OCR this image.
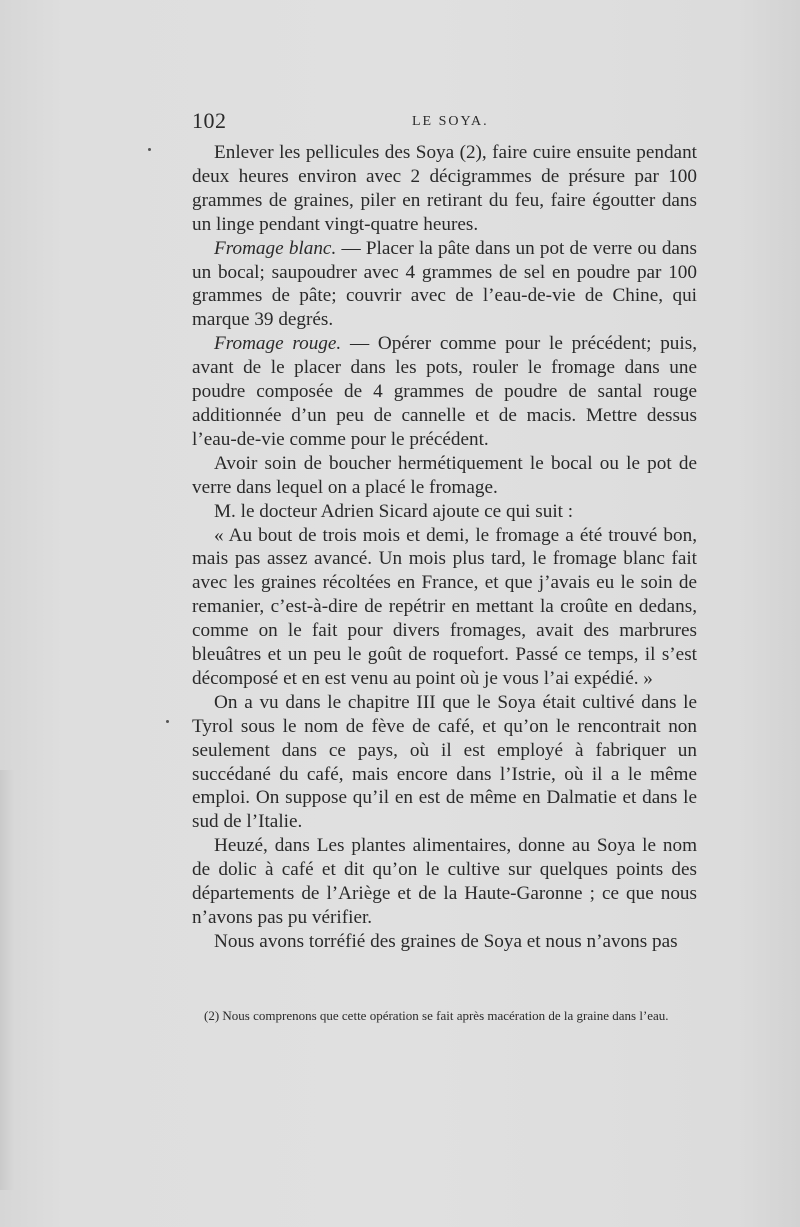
102	LE SOYA.

Enlever les pellicules des Soya (2), faire cuire ensuite pendant deux heures environ avec 2 décigrammes de présure par 100 grammes de graines, piler en retirant du feu, faire égoutter dans un linge pendant vingt-quatre heures.

Fromage blanc. — Placer la pâte dans un pot de verre ou dans un bocal; saupoudrer avec 4 grammes de sel en poudre par 100 grammes de pâte; couvrir avec de l’eau-de-vie de Chine, qui marque 39 degrés.

Fromage rouge. — Opérer comme pour le précédent; puis, avant de le placer dans les pots, rouler le fromage dans une poudre composée de 4 grammes de poudre de santal rouge additionnée d’un peu de cannelle et de macis. Mettre dessus l’eau-de-vie comme pour le précédent.

Avoir soin de boucher hermétiquement le bocal ou le pot de verre dans lequel on a placé le fromage.

M. le docteur Adrien Sicard ajoute ce qui suit :

« Au bout de trois mois et demi, le fromage a été trouvé bon, mais pas assez avancé. Un mois plus tard, le fromage blanc fait avec les graines récoltées en France, et que j’avais eu le soin de remanier, c’est-à-dire de repétrir en mettant la croûte en dedans, comme on le fait pour divers fromages, avait des marbrures bleuâtres et un peu le goût de roquefort. Passé ce temps, il s’est décomposé et en est venu au point où je vous l’ai expédié. »

On a vu dans le chapitre III que le Soya était cultivé dans le Tyrol sous le nom de fève de café, et qu’on le rencontrait non seulement dans ce pays, où il est employé à fabriquer un succédané du café, mais encore dans l’Istrie, où il a le même emploi. On suppose qu’il en est de même en Dalmatie et dans le sud de l’Italie.

Heuzé, dans Les plantes alimentaires, donne au Soya le nom de dolic à café et dit qu’on le cultive sur quelques points des départements de l’Ariège et de la Haute-Garonne ; ce que nous n’avons pas pu vérifier.

Nous avons torréfié des graines de Soya et nous n’avons pas

(2) Nous comprenons que cette opération se fait après macération de la graine dans l’eau.
